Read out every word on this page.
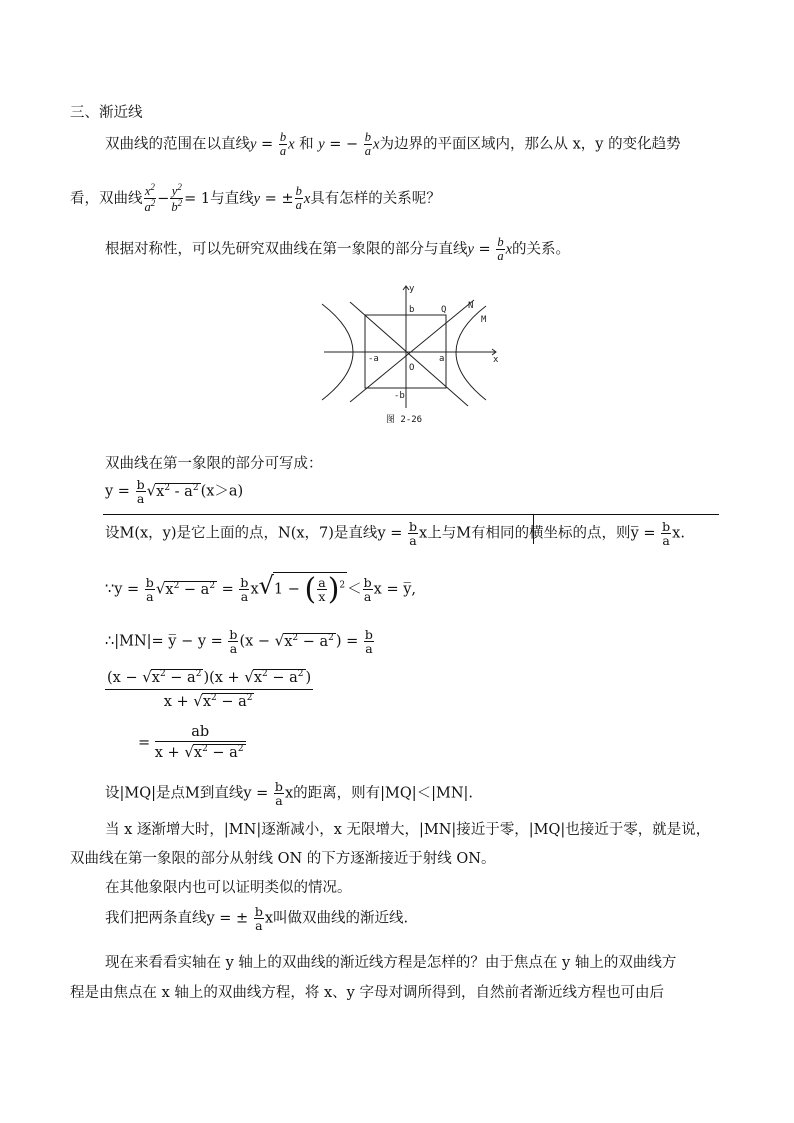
三、渐近线
双曲线的范围在以直线$y = \frac{b}{a}$ x 和 y = − $\frac{b}{a}$ x为边界的平面区域内，那么从 x，y 的变化趋势
看，双曲线 $\frac{x^2}{a^2} - \frac{y^2}{b^2} = 1$与直线y = ± $\frac{b}{a}$ x具有怎样的关系呢？
根据对称性，可以先研究双曲线在第一象限的部分与直线$y = \frac{b}{a}$ x的关系。
y
x
b	Q N
M
-a	a
O
-b
图 2-26
双曲线在第一象限的部分可写成：
$y = \frac{b}{a} √x^2 - a^2$ (x＞a)
设M(x，y)是它上面的点，N(x，7)是直线$y = \frac{b}{a}$ x上与M有相同的横坐标的点，则y̅ = $\frac{b}{a} x$.
∵y = $\frac{b}{a} √x^2 - a^2 = \frac{b}{a} x√1$ − ( $\frac{a}{x} )^2 < \frac{b}{a}$ x = y̅,
∴|MN|= y̅ − $y = \frac{b}{a} (x - √x^2 - a^2$ ) = $\frac{b}{a}$
($x - √x^2 - a^2$ )($x + √x^2 - a^2$ )
$x + √x^2 - a^2$
= $\frac{ab}{x + √x^2 - a^2}$
设|MQ|是点M到直线$y = \frac{b}{a}$ x的距离，则有|MQ|＜|MN|.
当 x 逐渐增大时，|MN|逐渐减小，x 无限增大，|MN|接近于零，|MQ|也接近于零，就是说，
双曲线在第一象限的部分从射线 ON 的下方逐渐接近于射线 ON。
在其他象限内也可以证明类似的情况。
我们把两条直线y = ± $\frac{b}{a}$ x叫做双曲线的渐近线.
现在来看看实轴在 y 轴上的双曲线的渐近线方程是怎样的？由于焦点在 y 轴上的双曲线方
程是由焦点在 x 轴上的双曲线方程，将 x、y 字母对调所得到，自然前者渐近线方程也可由后
